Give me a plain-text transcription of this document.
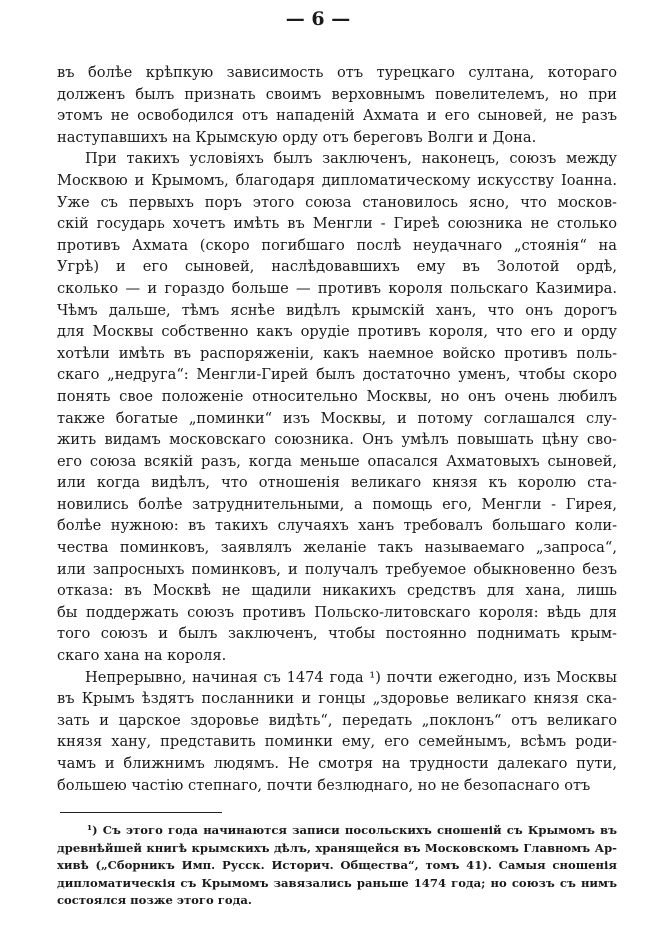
— 6 —
въ болѣе крѣпкую зависимость отъ турецкаго султана, котораго
долженъ былъ признать своимъ верховнымъ повелителемъ, но при
этомъ не освободился отъ нападеній Ахмата и его сыновей, не разъ
наступавшихъ на Крымскую орду отъ береговъ Волги и Дона.
При такихъ условіяхъ былъ заключенъ, наконецъ, союзъ между
Москвою и Крымомъ, благодаря дипломатическому искусству Іоанна.
Уже съ первыхъ поръ этого союза становилось ясно, что москов-
скій государь хочетъ имѣть въ Менгли - Гиреѣ союзника не столько
противъ Ахмата (скоро погибшаго послѣ неудачнаго „стоянія“ на
Угрѣ) и его сыновей, наслѣдовавшихъ ему въ Золотой ордѣ,
сколько — и гораздо больше — противъ короля польскаго Казимира.
Чѣмъ дальше, тѣмъ яснѣе видѣлъ крымскій ханъ, что онъ дорогъ
для Москвы собственно какъ орудіе противъ короля, что его и орду
хотѣли имѣть въ распоряженіи, какъ наемное войско противъ поль-
скаго „недруга“: Менгли-Гирей былъ достаточно уменъ, чтобы скоро
понять свое положеніе относительно Москвы, но онъ очень любилъ
также богатые „поминки“ изъ Москвы, и потому соглашался слу-
жить видамъ московскаго союзника. Онъ умѣлъ повышать цѣну сво-
его союза всякій разъ, когда меньше опасался Ахматовыхъ сыновей,
или когда видѣлъ, что отношенія великаго князя къ королю ста-
новились болѣе затруднительными, а помощь его, Менгли - Гирея,
болѣе нужною: въ такихъ случаяхъ ханъ требовалъ большаго коли-
чества поминковъ, заявлялъ желаніе такъ называемаго „запроса“,
или запросныхъ поминковъ, и получалъ требуемое обыкновенно безъ
отказа: въ Москвѣ не щадили никакихъ средствъ для хана, лишь
бы поддержать союзъ противъ Польско-литовскаго короля: вѣдь для
того союзъ и былъ заключенъ, чтобы постоянно поднимать крым-
скаго хана на короля.
Непрерывно, начиная съ 1474 года ¹) почти ежегодно, изъ Москвы
въ Крымъ ѣздятъ посланники и гонцы „здоровье великаго князя ска-
зать и царское здоровье видѣть“, передать „поклонъ“ отъ великаго
князя хану, представить поминки ему, его семейнымъ, всѣмъ роди-
чамъ и ближнимъ людямъ. Не смотря на трудности далекаго пути,
большею частію степнаго, почти безлюднаго, но не безопаснаго отъ
¹) Съ этого года начинаются записи посольскихъ сношеній съ Крымомъ въ
древнѣйшей книгѣ крымскихъ дѣлъ, хранящейся въ Московскомъ Главномъ Ар-
хивѣ („Сборникъ Имп. Русск. Историч. Общества“, томъ 41). Самыя сношенія
дипломатическія съ Крымомъ завязались раньше 1474 года; но союзъ съ нимъ
состоялся позже этого года.
